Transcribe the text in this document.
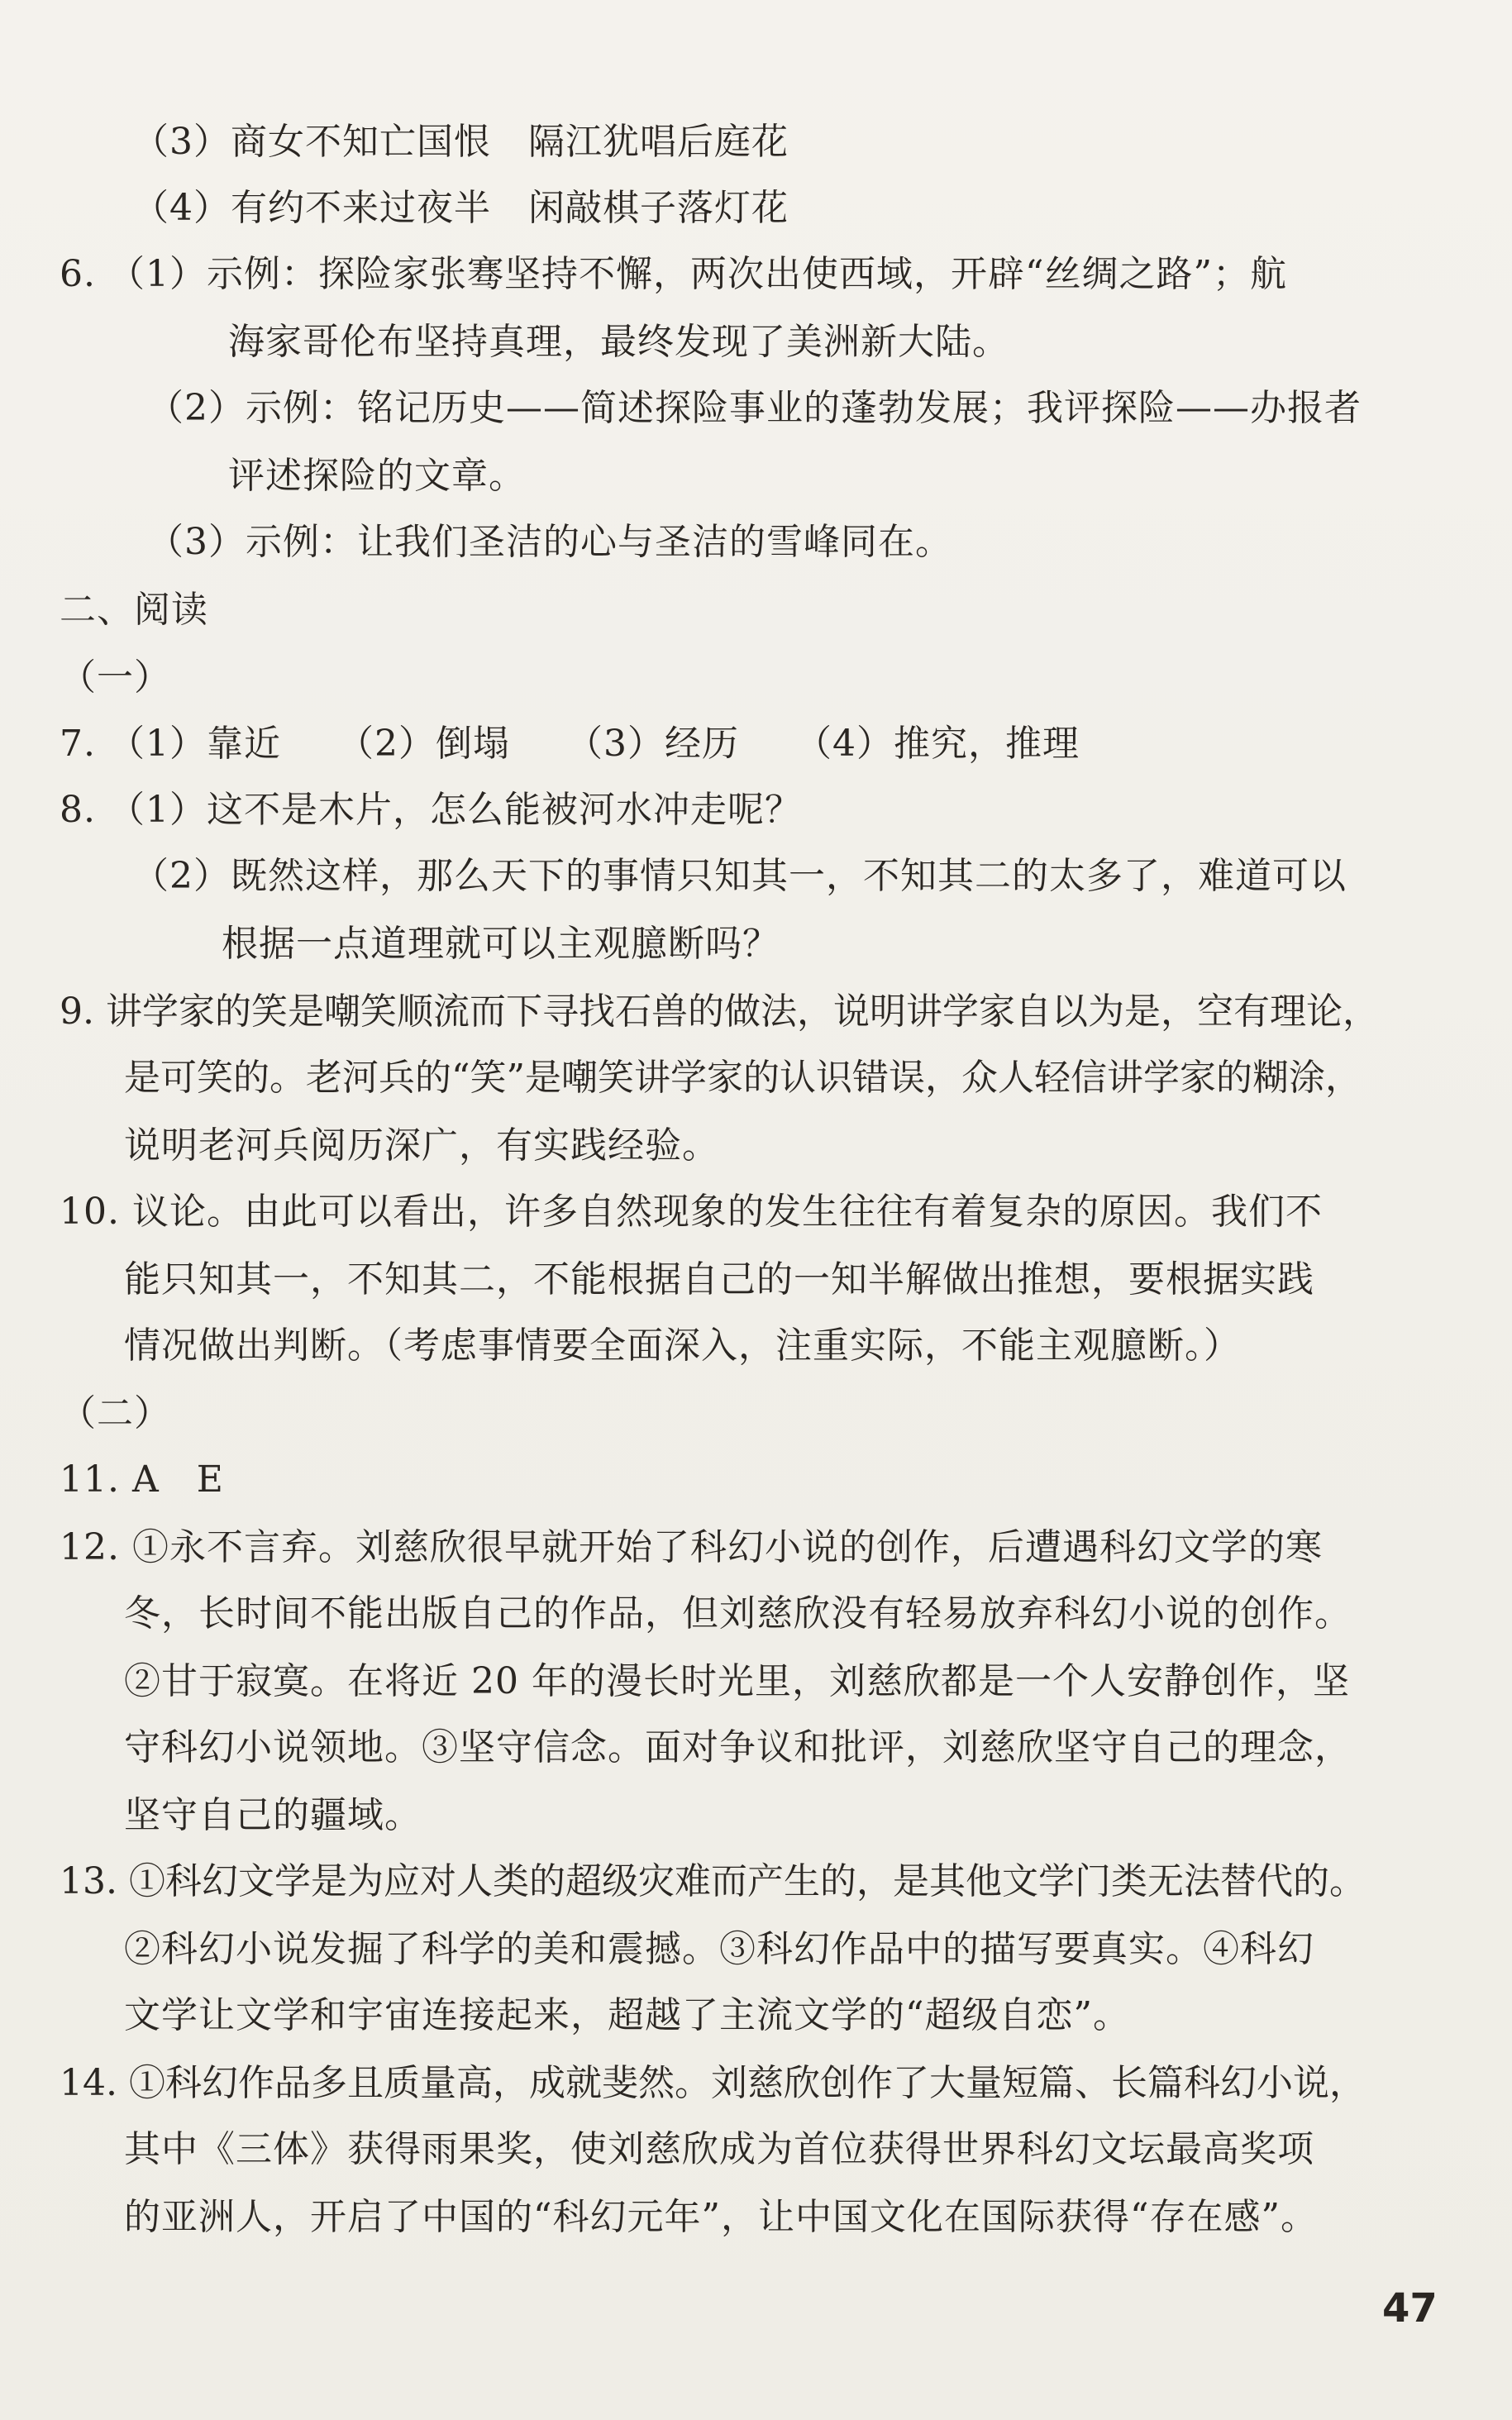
（3）商女不知亡国恨　隔江犹唱后庭花
（4）有约不来过夜半　闲敲棋子落灯花
6. （1）示例：探险家张骞坚持不懈，两次出使西域，开辟“丝绸之路”；航
海家哥伦布坚持真理，最终发现了美洲新大陆。
（2）示例：铭记历史——简述探险事业的蓬勃发展；我评探险——办报者
评述探险的文章。
（3）示例：让我们圣洁的心与圣洁的雪峰同在。
二、阅读
（一）
7. （1）靠近　　（2）倒塌　　（3）经历　　（4）推究，推理
8. （1）这不是木片，怎么能被河水冲走呢？
（2）既然这样，那么天下的事情只知其一，不知其二的太多了，难道可以
根据一点道理就可以主观臆断吗？
9. 讲学家的笑是嘲笑顺流而下寻找石兽的做法，说明讲学家自以为是，空有理论，
是可笑的。老河兵的“笑”是嘲笑讲学家的认识错误，众人轻信讲学家的糊涂，
说明老河兵阅历深广，有实践经验。
10. 议论。由此可以看出，许多自然现象的发生往往有着复杂的原因。我们不
能只知其一，不知其二，不能根据自己的一知半解做出推想，要根据实践
情况做出判断。（考虑事情要全面深入，注重实际，不能主观臆断。）
（二）
11. A　E
12. ①永不言弃。刘慈欣很早就开始了科幻小说的创作，后遭遇科幻文学的寒
冬，长时间不能出版自己的作品，但刘慈欣没有轻易放弃科幻小说的创作。
②甘于寂寞。在将近 20 年的漫长时光里，刘慈欣都是一个人安静创作，坚
守科幻小说领地。③坚守信念。面对争议和批评，刘慈欣坚守自己的理念，
坚守自己的疆域。
13. ①科幻文学是为应对人类的超级灾难而产生的，是其他文学门类无法替代的。
②科幻小说发掘了科学的美和震撼。③科幻作品中的描写要真实。④科幻
文学让文学和宇宙连接起来，超越了主流文学的“超级自恋”。
14. ①科幻作品多且质量高，成就斐然。刘慈欣创作了大量短篇、长篇科幻小说，
其中《三体》获得雨果奖，使刘慈欣成为首位获得世界科幻文坛最高奖项
的亚洲人，开启了中国的“科幻元年”，让中国文化在国际获得“存在感”。
47
